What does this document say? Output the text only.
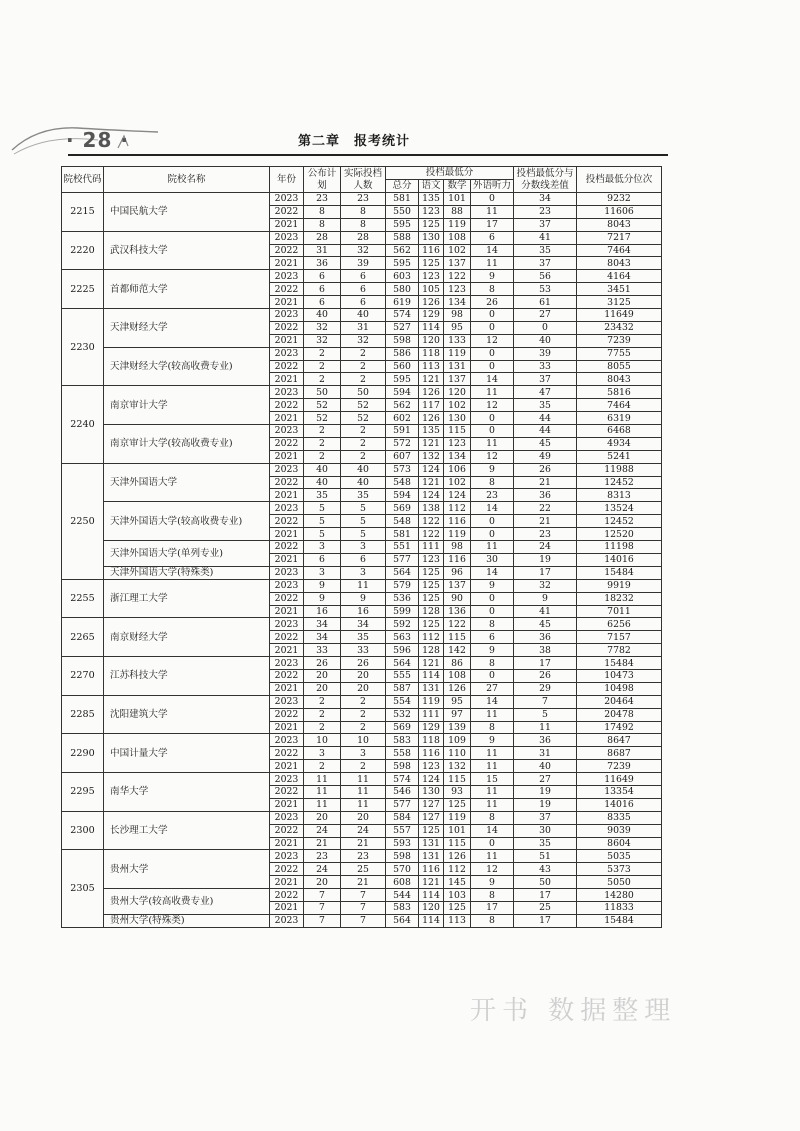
· 28 ·	第二章　报考统计
院校代码	院校名称	年份	公布计划	实际投档人数	投档最低分				投档最低分与分数线差值	投档最低分位次
					总分	语文	数学	外语听力		
2215	中国民航大学	2023	23	23	581	135	101	0	34	9232
		2022	8	8	550	123	88	11	23	11606
		2021	8	8	595	125	119	17	37	8043
2220	武汉科技大学	2023	28	28	588	130	108	6	41	7217
		2022	31	32	562	116	102	14	35	7464
		2021	36	39	595	125	137	11	37	8043
2225	首都师范大学	2023	6	6	603	123	122	9	56	4164
		2022	6	6	580	105	123	8	53	3451
		2021	6	6	619	126	134	26	61	3125
2230	天津财经大学	2023	40	40	574	129	98	0	27	11649
		2022	32	31	527	114	95	0	0	23432
		2021	32	32	598	120	133	12	40	7239
	天津财经大学(较高收费专业)	2023	2	2	586	118	119	0	39	7755
		2022	2	2	560	113	131	0	33	8055
		2021	2	2	595	121	137	14	37	8043
2240	南京审计大学	2023	50	50	594	126	120	11	47	5816
		2022	52	52	562	117	102	12	35	7464
		2021	52	52	602	126	130	0	44	6319
	南京审计大学(较高收费专业)	2023	2	2	591	135	115	0	44	6468
		2022	2	2	572	121	123	11	45	4934
		2021	2	2	607	132	134	12	49	5241
2250	天津外国语大学	2023	40	40	573	124	106	9	26	11988
		2022	40	40	548	121	102	8	21	12452
		2021	35	35	594	124	124	23	36	8313
	天津外国语大学(较高收费专业)	2023	5	5	569	138	112	14	22	13524
		2022	5	5	548	122	116	0	21	12452
		2021	5	5	581	122	119	0	23	12520
	天津外国语大学(单列专业)	2022	3	3	551	111	98	11	24	11198
		2021	6	6	577	123	116	30	19	14016
	天津外国语大学(特殊类)	2023	3	3	564	125	96	14	17	15484
2255	浙江理工大学	2023	9	11	579	125	137	9	32	9919
		2022	9	9	536	125	90	0	9	18232
		2021	16	16	599	128	136	0	41	7011
2265	南京财经大学	2023	34	34	592	125	122	8	45	6256
		2022	34	35	563	112	115	6	36	7157
		2021	33	33	596	128	142	9	38	7782
2270	江苏科技大学	2023	26	26	564	121	86	8	17	15484
		2022	20	20	555	114	108	0	26	10473
		2021	20	20	587	131	126	27	29	10498
2285	沈阳建筑大学	2023	2	2	554	119	95	14	7	20464
		2022	2	2	532	111	97	11	5	20478
		2021	2	2	569	129	139	8	11	17492
2290	中国计量大学	2023	10	10	583	118	109	9	36	8647
		2022	3	3	558	116	110	11	31	8687
		2021	2	2	598	123	132	11	40	7239
2295	南华大学	2023	11	11	574	124	115	15	27	11649
		2022	11	11	546	130	93	11	19	13354
		2021	11	11	577	127	125	11	19	14016
2300	长沙理工大学	2023	20	20	584	127	119	8	37	8335
		2022	24	24	557	125	101	14	30	9039
		2021	21	21	593	131	115	0	35	8604
2305	贵州大学	2023	23	23	598	131	126	11	51	5035
		2022	24	25	570	116	112	12	43	5373
		2021	20	21	608	121	145	9	50	5050
	贵州大学(较高收费专业)	2022	7	7	544	114	103	8	17	14280
		2021	7	7	583	120	125	17	25	11833
	贵州大学(特殊类)	2023	7	7	564	114	113	8	17	15484
开书 数据整理
